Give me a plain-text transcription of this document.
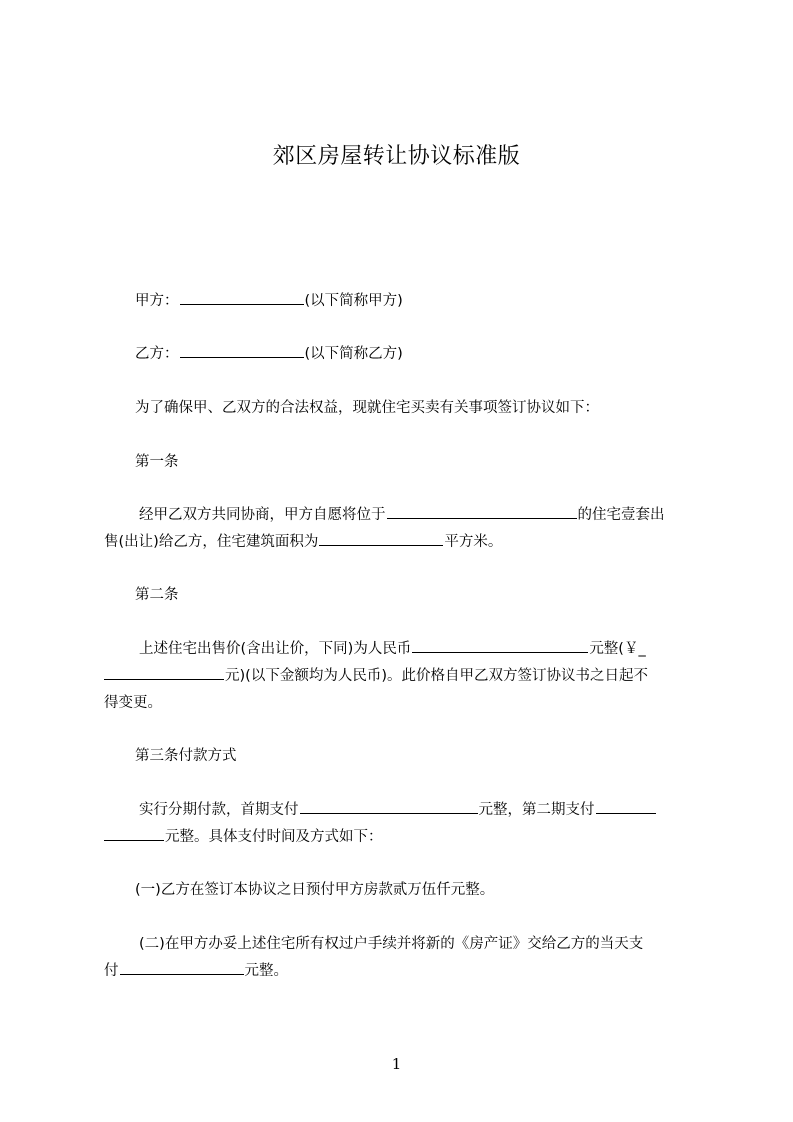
郊区房屋转让协议标准版
甲方：	(以下简称甲方)
乙方：	(以下简称乙方)
为了确保甲、乙双方的合法权益，现就住宅买卖有关事项签订协议如下：
第一条
经甲乙双方共同协商，甲方自愿将位于	的住宅壹套出
售(出让)给乙方，住宅建筑面积为	平方米。
第二条
上述住宅出售价(含出让价，下同)为人民币	元整(￥_
元)(以下金额均为人民币)。此价格自甲乙双方签订协议书之日起不
得变更。
第三条付款方式
实行分期付款，首期支付	元整，第二期支付
元整。具体支付时间及方式如下：
(一)乙方在签订本协议之日预付甲方房款贰万伍仟元整。
(二)在甲方办妥上述住宅所有权过户手续并将新的《房产证》交给乙方的当天支
付	元整。
1
